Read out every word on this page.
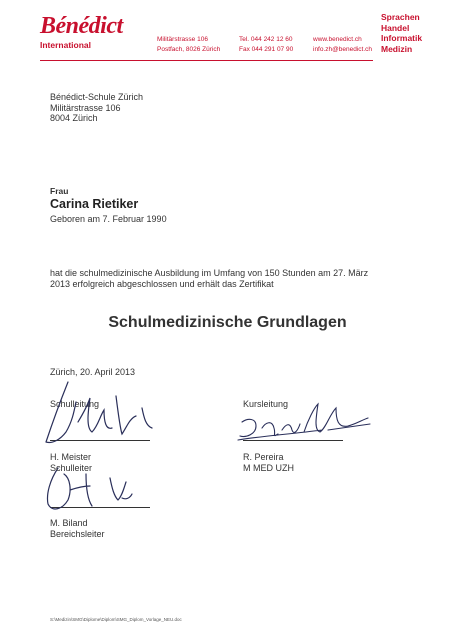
Bénédict
International
Militärstrasse 106
Postfach, 8026 Zürich
Tel. 044 242 12 60
Fax 044 291 07 90
www.benedict.ch
info.zh@benedict.ch
Sprachen
Handel
Informatik
Medizin
Bénédict-Schule Zürich
Militärstrasse 106
8004 Zürich
Frau
Carina Rietiker
Geboren am 7. Februar 1990
hat die schulmedizinische Ausbildung im Umfang von 150 Stunden am 27. März
2013 erfolgreich abgeschlossen und erhält das Zertifikat
Schulmedizinische Grundlagen
Zürich, 20. April 2013
Schulleitung	Kursleitung
H. Meister
Schulleiter
R. Pereira
M MED UZH
M. Biland
Bereichsleiter
S:\Medizin\SMG\Diplome\Diplom\SMG_Diplom_Vorlage_NEU.doc
